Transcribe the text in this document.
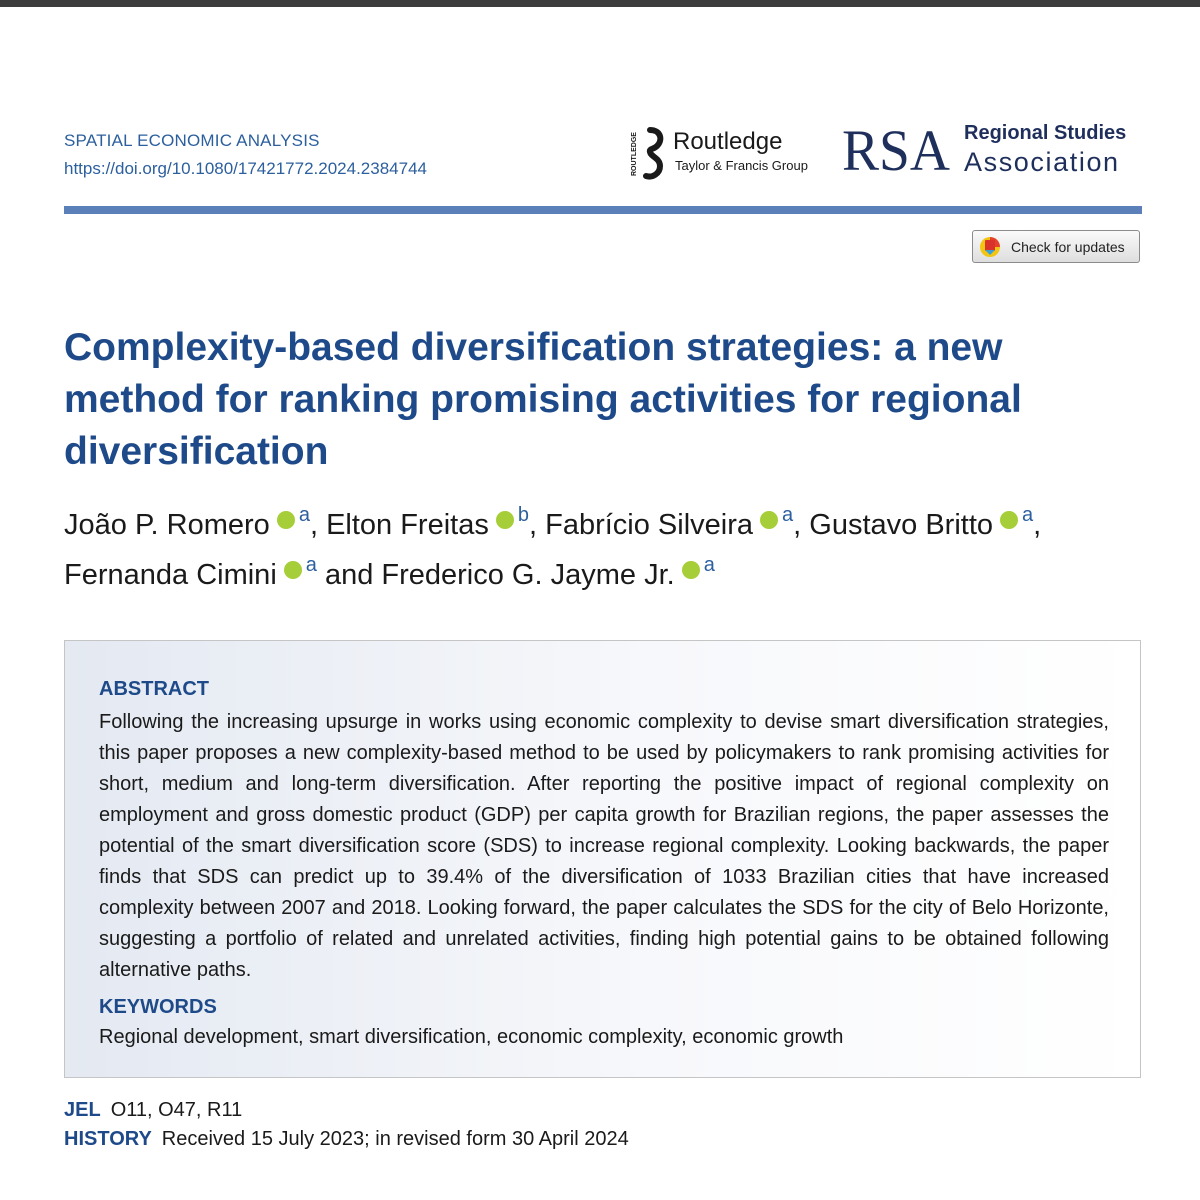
SPATIAL ECONOMIC ANALYSIS
https://doi.org/10.1080/17421772.2024.2384744	ROUTLEDGE Routledge
Taylor & Francis Group RSA Regional Studies
Association
Check for updates
Complexity-based diversification strategies: a new method for ranking promising activities for regional diversification
João P. Romero iD $^a$, Elton Freitas iD $^b$, Fabrício Silveira iD $^a$, Gustavo Britto iD $^a$, Fernanda Cimini iD $^a$ and Frederico G. Jayme Jr. iD $^a$
ABSTRACT
Following the increasing upsurge in works using economic complexity to devise smart diversification strategies, this paper proposes a new complexity-based method to be used by policymakers to rank promising activities for short, medium and long-term diversification. After reporting the positive impact of regional complexity on employment and gross domestic product (GDP) per capita growth for Brazilian regions, the paper assesses the potential of the smart diversification score (SDS) to increase regional complexity. Looking backwards, the paper finds that SDS can predict up to 39.4% of the diversification of 1033 Brazilian cities that have increased complexity between 2007 and 2018. Looking forward, the paper calculates the SDS for the city of Belo Horizonte, suggesting a portfolio of related and unrelated activities, finding high potential gains to be obtained following alternative paths.
KEYWORDS
Regional development, smart diversification, economic complexity, economic growth
JEL O11, O47, R11
HISTORY Received 15 July 2023; in revised form 30 April 2024
